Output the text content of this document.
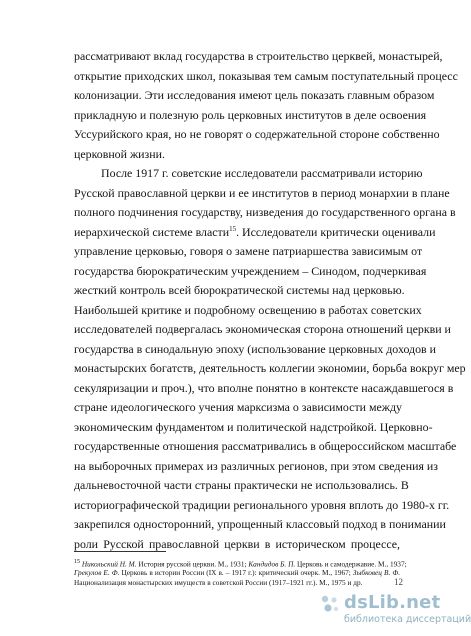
рассматривают вклад государства в строительство церквей, монастырей,
открытие приходских школ, показывая тем самым поступательный процесс
колонизации. Эти исследования имеют цель показать главным образом
прикладную и полезную роль церковных институтов в деле освоения
Уссурийского края, но не говорят о содержательной стороне собственно
церковной жизни.
После 1917 г. советские исследователи рассматривали историю
Русской православной церкви и ее институтов в период монархии в плане
полного подчинения государству, низведения до государственного органа в
иерархической системе власти$^{15}$. Исследователи критически оценивали
управление церковью, говоря о замене патриаршества зависимым от
государства бюрократическим учреждением – Синодом, подчеркивая
жесткий контроль всей бюрократической системы над церковью.
Наибольшей критике и подробному освещению в работах советских
исследователей подвергалась экономическая сторона отношений церкви и
государства в синодальную эпоху (использование церковных доходов и
монастырских богатств, деятельность коллегии экономии, борьба вокруг мер
секуляризации и проч.), что вполне понятно в контексте насаждавшегося в
стране идеологического учения марксизма о зависимости между
экономическим фундаментом и политической надстройкой. Церковно-
государственные отношения рассматривались в общероссийском масштабе
на выборочных примерах из различных регионов, при этом сведения из
дальневосточной части страны практически не использовались. В
историографической традиции регионального уровня вплоть до 1980-х гг.
закрепился односторонний, упрощенный классовый подход в понимании
роли Русской православной церкви в историческом процессе,
$^{15}$ Никольский Н. М. История русской церкви. М., 1931; Кандидов Б. П. Церковь и самодержавие. М., 1937;
Грекулов Е. Ф. Церковь в истории России (IX в. – 1917 г.): критический очерк. М., 1967; Зыбковец В. Ф.
Национализация монастырских имуществ в советской России (1917–1921 гг.). М., 1975 и др.	12
dsLib.net
библиотека диссертаций
